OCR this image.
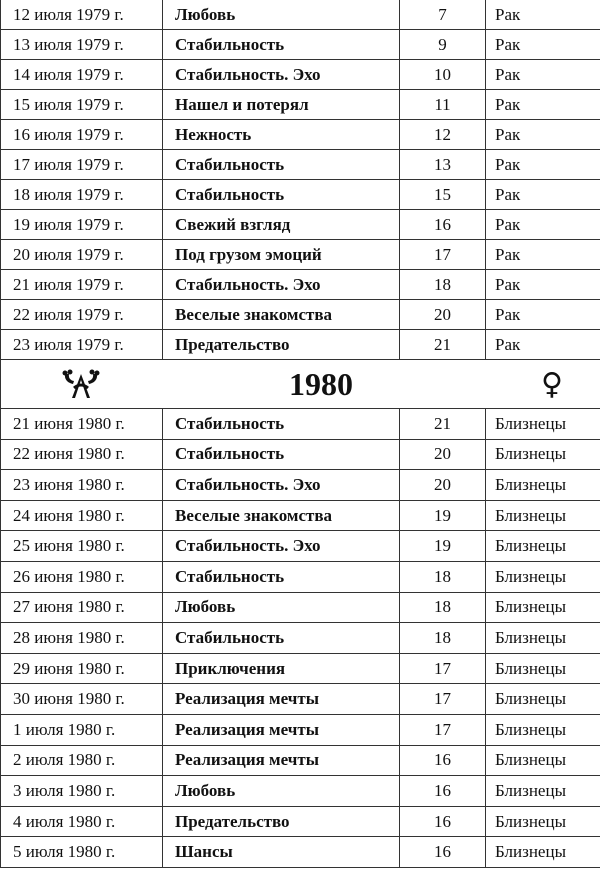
12 июля 1979 г.	Любовь	7	Рак
13 июля 1979 г.	Стабильность	9	Рак
14 июля 1979 г.	Стабильность. Эхо	10	Рак
15 июля 1979 г.	Нашел и потерял	11	Рак
16 июля 1979 г.	Нежность	12	Рак
17 июля 1979 г.	Стабильность	13	Рак
18 июля 1979 г.	Стабильность	15	Рак
19 июля 1979 г.	Свежий взгляд	16	Рак
20 июля 1979 г.	Под грузом эмоций	17	Рак
21 июля 1979 г.	Стабильность. Эхо	18	Рак
22 июля 1979 г.	Веселые знакомства	20	Рак
23 июля 1979 г.	Предательство	21	Рак

1980 ♀			

21 июня 1980 г.	Стабильность	21	Близнецы
22 июня 1980 г.	Стабильность	20	Близнецы
23 июня 1980 г.	Стабильность. Эхо	20	Близнецы
24 июня 1980 г.	Веселые знакомства	19	Близнецы
25 июня 1980 г.	Стабильность. Эхо	19	Близнецы
26 июня 1980 г.	Стабильность	18	Близнецы
27 июня 1980 г.	Любовь	18	Близнецы
28 июня 1980 г.	Стабильность	18	Близнецы
29 июня 1980 г.	Приключения	17	Близнецы
30 июня 1980 г.	Реализация мечты	17	Близнецы
1 июля 1980 г.	Реализация мечты	17	Близнецы
2 июля 1980 г.	Реализация мечты	16	Близнецы
3 июля 1980 г.	Любовь	16	Близнецы
4 июля 1980 г.	Предательство	16	Близнецы
5 июля 1980 г.	Шансы	16	Близнецы
